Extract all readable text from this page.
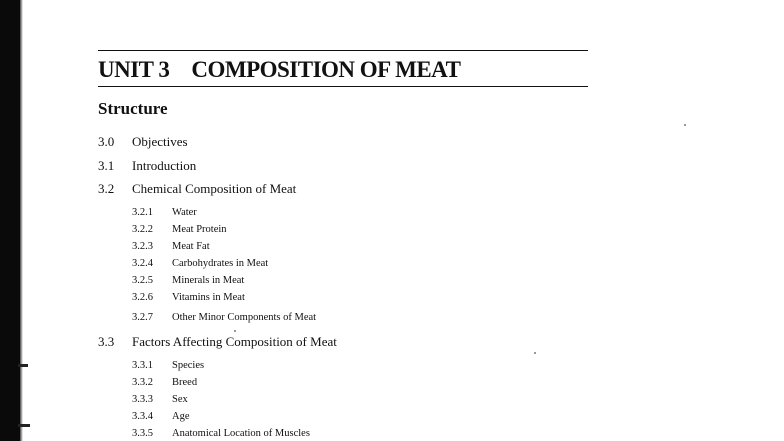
UNIT 3 COMPOSITION OF MEAT
Structure
3.0 Objectives
3.1 Introduction
3.2 Chemical Composition of Meat
3.2.1 Water
3.2.2 Meat Protein
3.2.3 Meat Fat
3.2.4 Carbohydrates in Meat
3.2.5 Minerals in Meat
3.2.6 Vitamins in Meat
3.2.7 Other Minor Components of Meat
3.3 Factors Affecting Composition of Meat
3.3.1 Species
3.3.2 Breed
3.3.3 Sex
3.3.4 Age
3.3.5 Anatomical Location of Muscles
